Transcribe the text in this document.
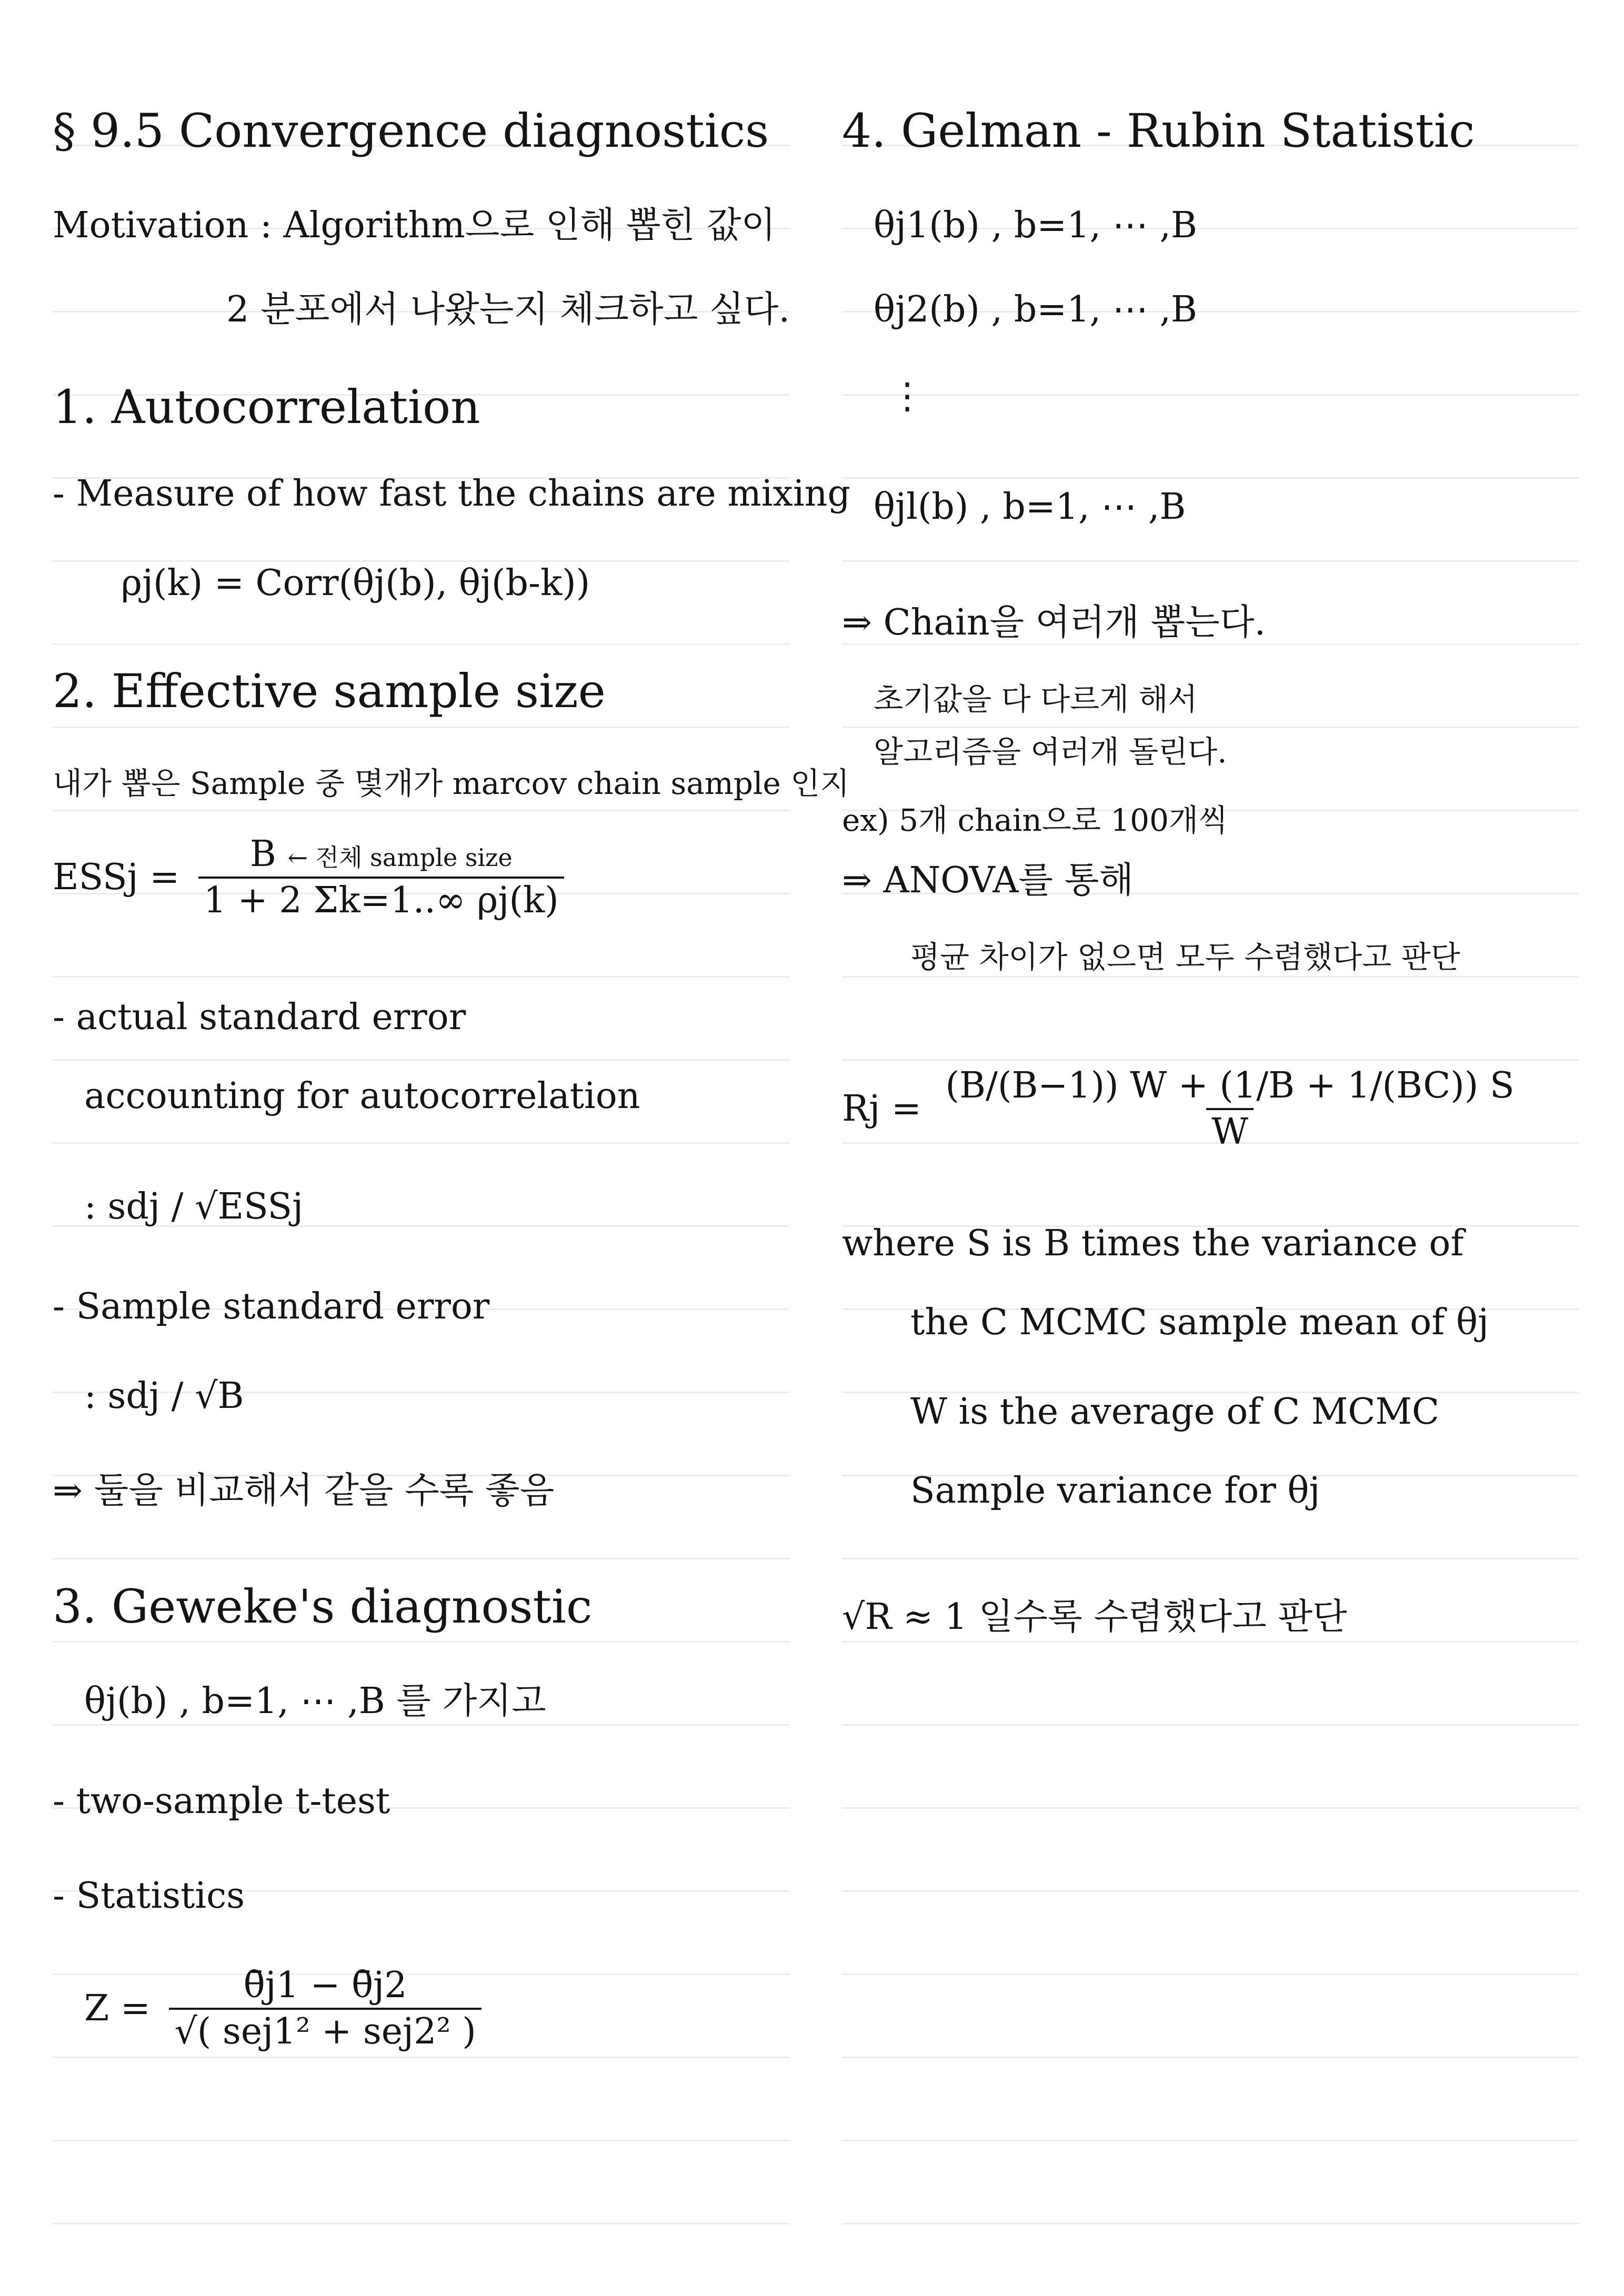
§ 9.5 Convergence diagnostics
Motivation : Algorithm으로 인해 뽑힌 값이
2 분포에서 나왔는지 체크하고 싶다.
1. Autocorrelation
- Measure of how fast the chains are mixing
ρj(k) = Corr(θj(b), θj(b-k))
2. Effective sample size
내가 뽑은 Sample 중 몇개가 marcov chain sample 인지
ESSj = $\frac{\text{B ← 전체 sample size}}{1 + 2 \Sigma k=1..\infty \rho j(k)}$
- actual standard error
accounting for autocorrelation
: sdj / √ESSj
- Sample standard error
: sdj / √B
⇒ 둘을 비교해서 같을 수록 좋음
3. Geweke's diagnostic
θj(b) , b=1, ⋯ ,B 를 가지고
- two-sample t-test
- Statistics
$Z = \frac{\thetāj1 - \thetāj2}{\text{√( sej1² + sej2² )}}$
4. Gelman - Rubin Statistic
θj1(b) , b=1, ⋯ ,B
θj2(b) , b=1, ⋯ ,B
⋮
θjl(b) , b=1, ⋯ ,B
⇒ Chain을 여러개 뽑는다.
초기값을 다 다르게 해서
알고리즘을 여러개 돌린다.
ex) 5개 chain으로 100개씩
⇒ ANOVA를 통해
평균 차이가 없으면 모두 수렴했다고 판단
$Rj = \frac{(B/(B-1)) W + (1/B + 1/(BC)) S}{W}$
where S is B times the variance of
the C MCMC sample mean of θj
W is the average of C MCMC
Sample variance for θj
√R ≈ 1 일수록 수렴했다고 판단
